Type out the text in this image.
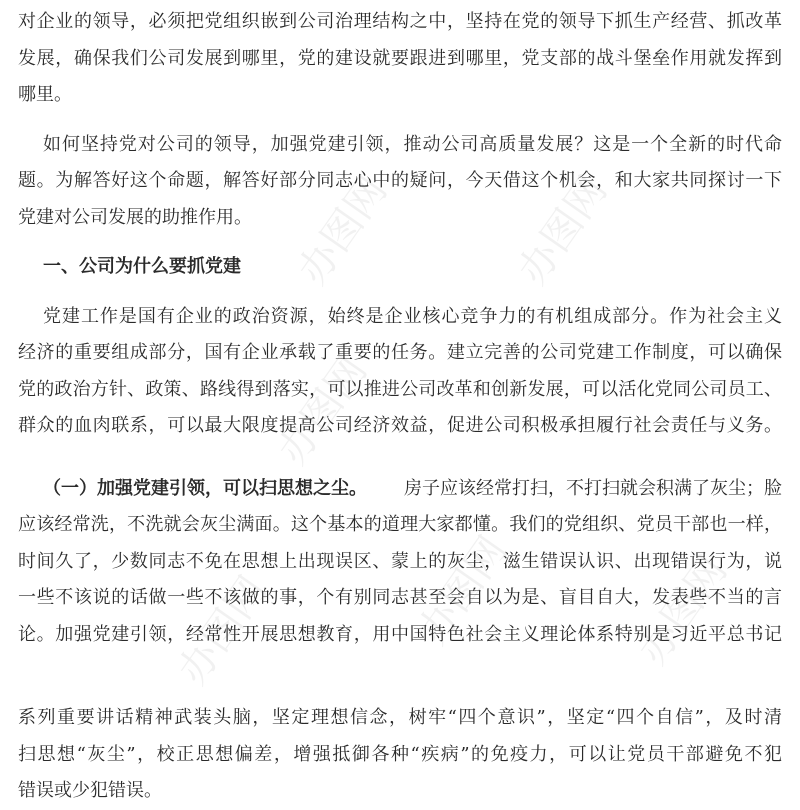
办图网	办图网
办图网
办图网
办图网	办图网
对企业的领导，必须把党组织嵌到公司治理结构之中，坚持在党的领导下抓生产经营、抓改革
发展，确保我们公司发展到哪里，党的建设就要跟进到哪里，党支部的战斗堡垒作用就发挥到
哪里。
如何坚持党对公司的领导，加强党建引领，推动公司高质量发展？这是一个全新的时代命
题。为解答好这个命题，解答好部分同志心中的疑问，今天借这个机会，和大家共同探讨一下
党建对公司发展的助推作用。
一、公司为什么要抓党建
党建工作是国有企业的政治资源，始终是企业核心竞争力的有机组成部分。作为社会主义
经济的重要组成部分，国有企业承载了重要的任务。建立完善的公司党建工作制度，可以确保
党的政治方针、政策、路线得到落实，可以推进公司改革和创新发展，可以活化党同公司员工、
群众的血肉联系，可以最大限度提高公司经济效益，促进公司积极承担履行社会责任与义务。
（一）加强党建引领，可以扫思想之尘。 房子应该经常打扫，不打扫就会积满了灰尘；脸
应该经常洗，不洗就会灰尘满面。这个基本的道理大家都懂。我们的党组织、党员干部也一样，
时间久了，少数同志不免在思想上出现误区、蒙上的灰尘，滋生错误认识、出现错误行为，说
一些不该说的话做一些不该做的事，个有别同志甚至会自以为是、盲目自大，发表些不当的言
论。加强党建引领，经常性开展思想教育，用中国特色社会主义理论体系特别是习近平总书记
系列重要讲话精神武装头脑，坚定理想信念，树牢“四个意识”，坚定“四个自信”，及时清
扫思想“灰尘”，校正思想偏差，增强抵御各种“疾病”的免疫力，可以让党员干部避免不犯
错误或少犯错误。
